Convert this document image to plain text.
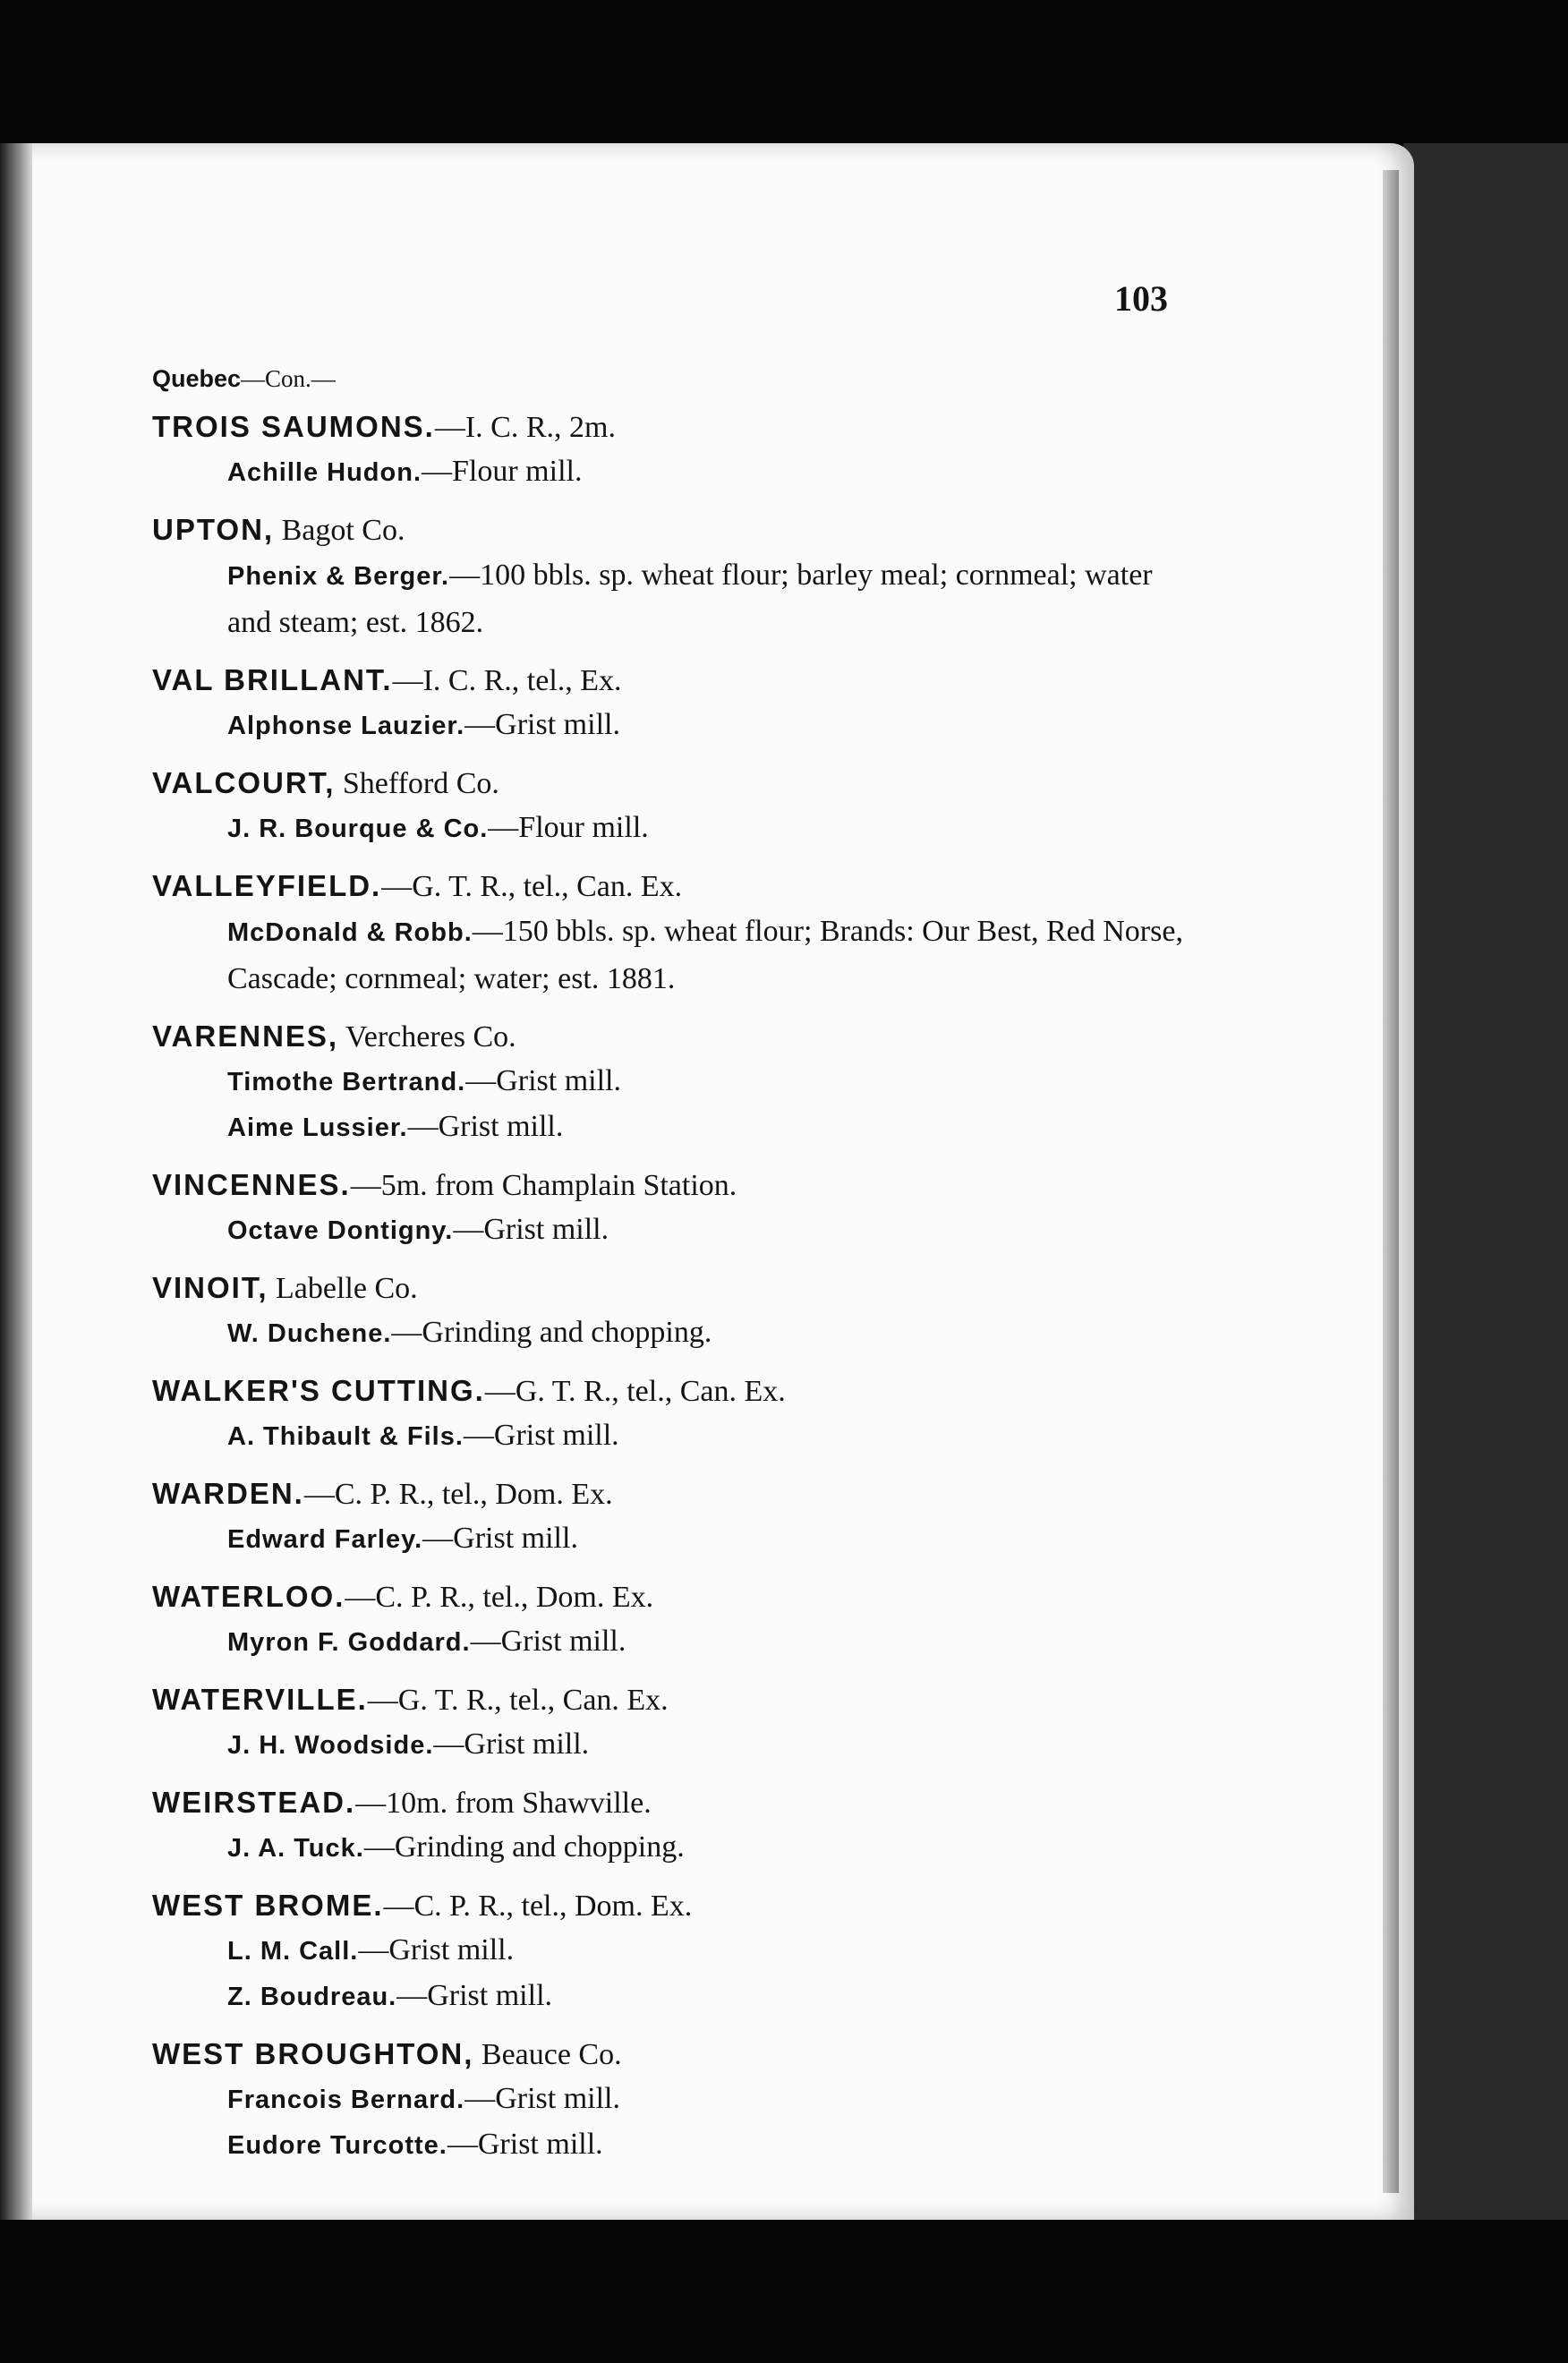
103
Quebec—Con.—
TROIS SAUMONS.—I. C. R., 2m.
Achille Hudon.—Flour mill.
UPTON, Bagot Co.
Phenix & Berger.—100 bbls. sp. wheat flour; barley meal; cornmeal; water and steam; est. 1862.
VAL BRILLANT.—I. C. R., tel., Ex.
Alphonse Lauzier.—Grist mill.
VALCOURT, Shefford Co.
J. R. Bourque & Co.—Flour mill.
VALLEYFIELD.—G. T. R., tel., Can. Ex.
McDonald & Robb.—150 bbls. sp. wheat flour; Brands: Our Best, Red Norse, Cascade; cornmeal; water; est. 1881.
VARENNES, Vercheres Co.
Timothe Bertrand.—Grist mill.
Aime Lussier.—Grist mill.
VINCENNES.—5m. from Champlain Station.
Octave Dontigny.—Grist mill.
VINOIT, Labelle Co.
W. Duchene.—Grinding and chopping.
WALKER'S CUTTING.—G. T. R., tel., Can. Ex.
A. Thibault & Fils.—Grist mill.
WARDEN.—C. P. R., tel., Dom. Ex.
Edward Farley.—Grist mill.
WATERLOO.—C. P. R., tel., Dom. Ex.
Myron F. Goddard.—Grist mill.
WATERVILLE.—G. T. R., tel., Can. Ex.
J. H. Woodside.—Grist mill.
WEIRSTEAD.—10m. from Shawville.
J. A. Tuck.—Grinding and chopping.
WEST BROME.—C. P. R., tel., Dom. Ex.
L. M. Call.—Grist mill.
Z. Boudreau.—Grist mill.
WEST BROUGHTON, Beauce Co.
Francois Bernard.—Grist mill.
Eudore Turcotte.—Grist mill.
